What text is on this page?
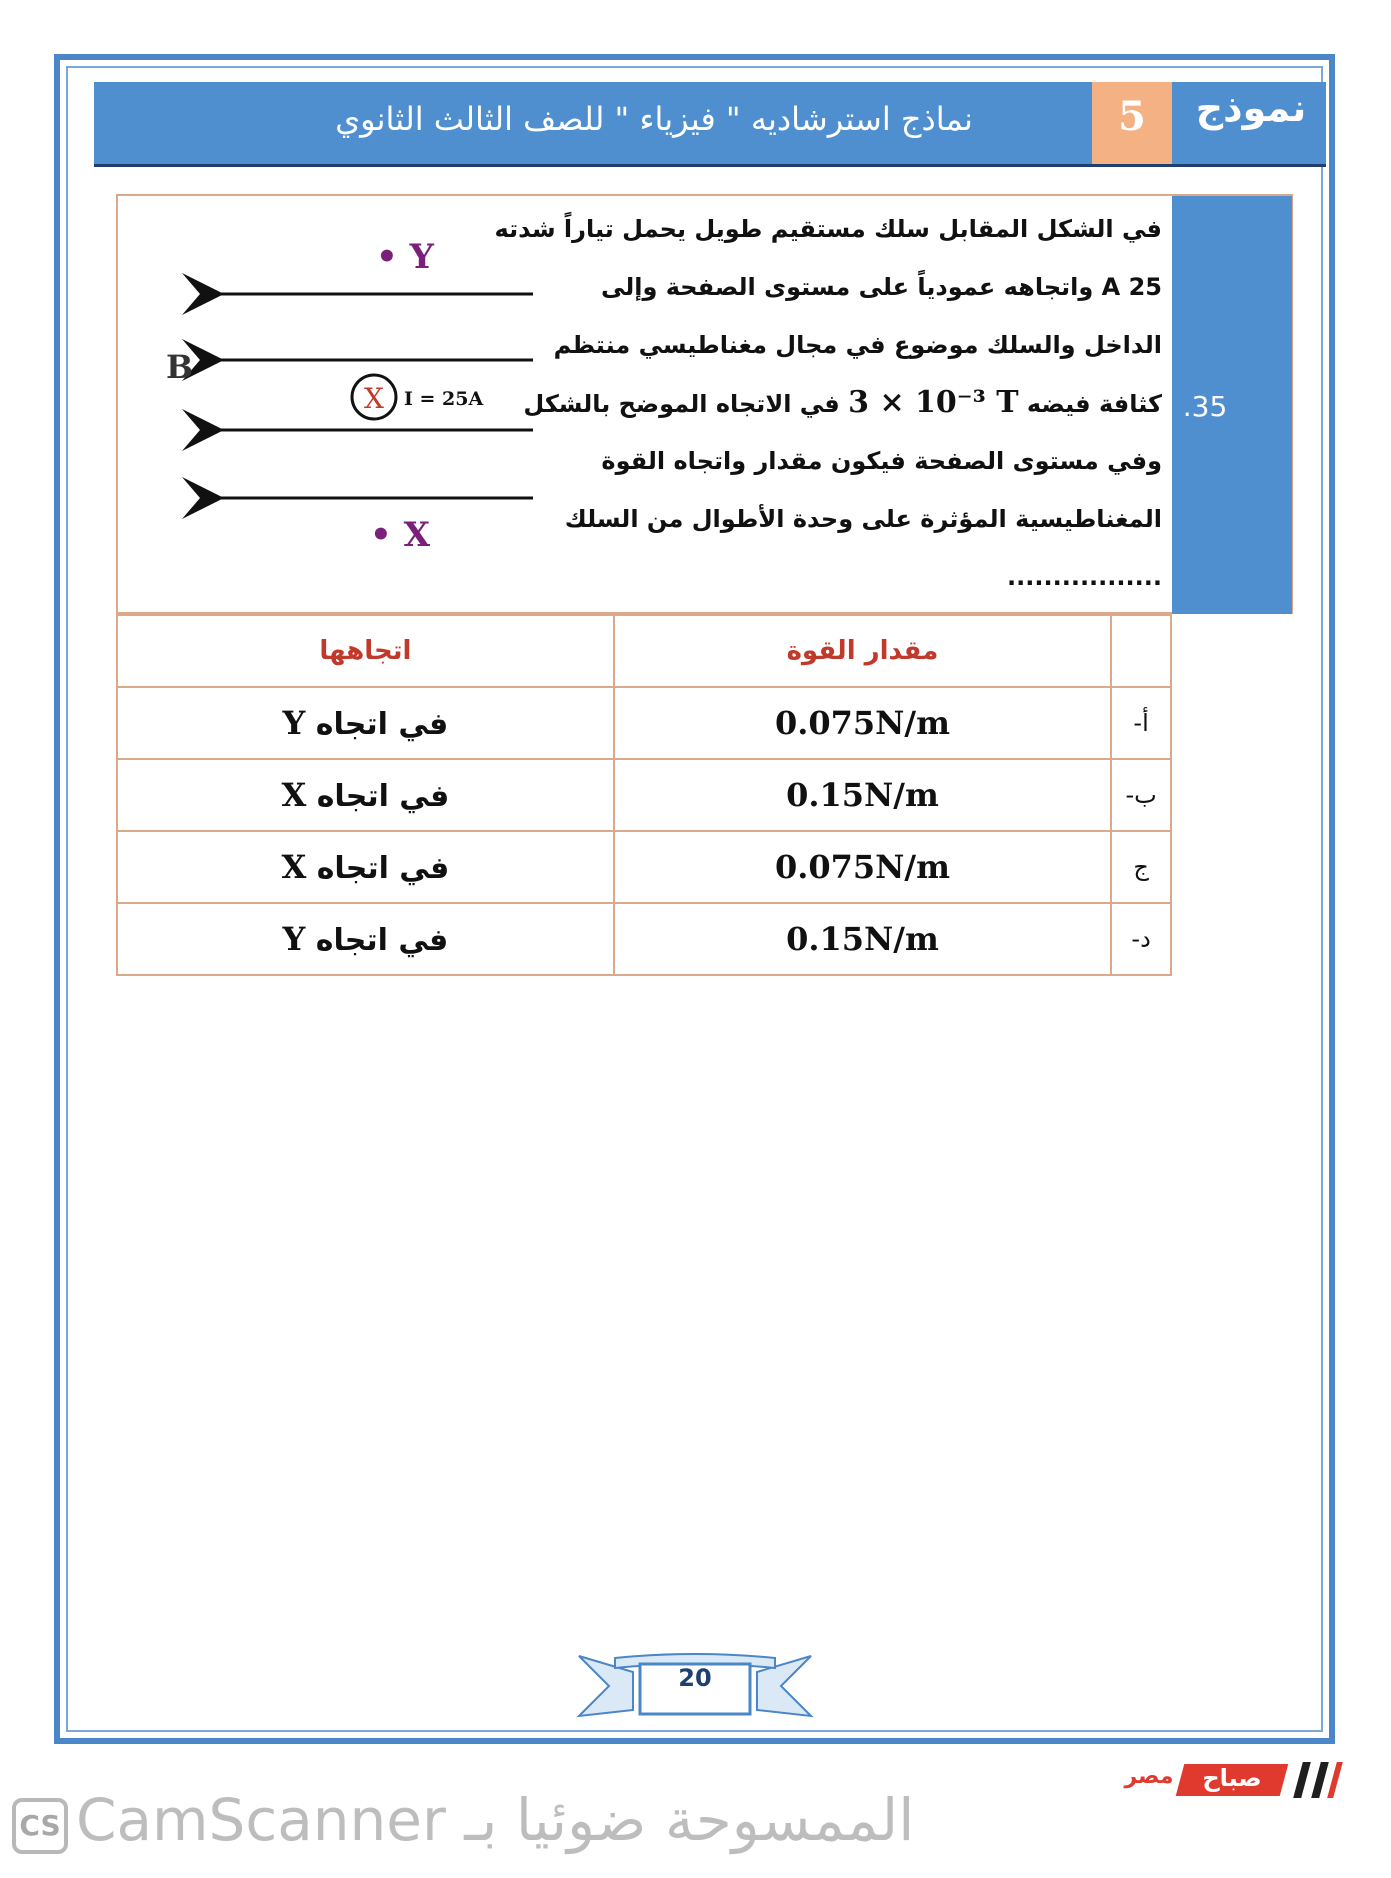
نماذج استرشاديه " فيزياء " للصف الثالث الثانوي	5	نموذج
.35
في الشكل المقابل سلك مستقيم طويل يحمل تياراً شدته
25 A واتجاهه عمودياً على مستوى الصفحة وإلى
الداخل والسلك موضوع في مجال مغناطيسي منتظم
كثافة فيضه 3 × 10⁻³ T في الاتجاه الموضح بالشكل
وفي مستوى الصفحة فيكون مقدار واتجاه القوة
المغناطيسية المؤثرة على وحدة الأطوال من السلك
.................
• Y
• X
B
X I = 25A
اتجاهها	مقدار القوة	
في اتجاه Y	0.075N/m	أ-
في اتجاه X	0.15N/m	ب-
في اتجاه X	0.075N/m	ج
في اتجاه Y	0.15N/m	د-
20
مصر	صباح
CS CamScanner الممسوحة ضوئيا بـ
